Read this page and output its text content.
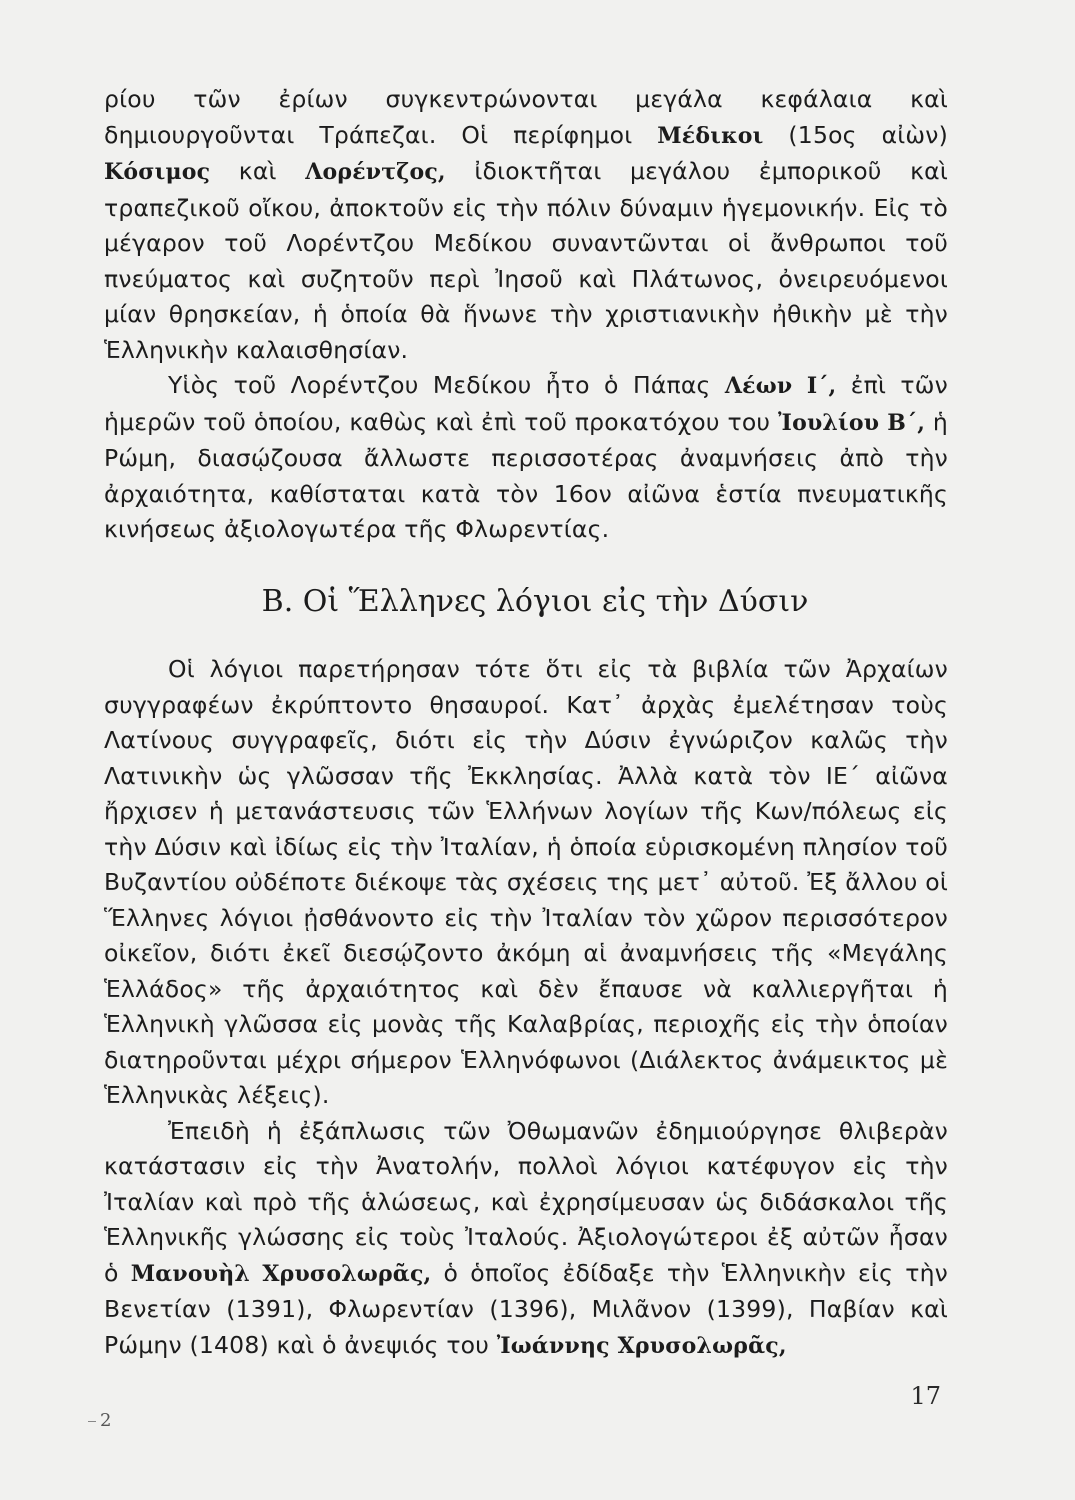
ρίου τῶν ἐρίων συγκεντρώνονται μεγάλα κεφάλαια καὶ δημιουργοῦνται Τράπεζαι. Οἱ περίφημοι Μέδικοι (15ος αἰὼν) Κόσιμος καὶ Λορέντζος, ἰδιοκτῆται μεγάλου ἐμπορικοῦ καὶ τραπεζικοῦ οἴκου, ἀποκτοῦν εἰς τὴν πόλιν δύναμιν ἡγεμονικήν. Εἰς τὸ μέγαρον τοῦ Λορέντζου Μεδίκου συναντῶνται οἱ ἄνθρωποι τοῦ πνεύματος καὶ συζητοῦν περὶ Ἰησοῦ καὶ Πλάτωνος, ὀνειρευόμενοι μίαν θρησκείαν, ἡ ὁποία θὰ ἥνωνε τὴν χριστιανικὴν ἠθικὴν μὲ τὴν Ἑλληνικὴν καλαισθησίαν.

Υἱὸς τοῦ Λορέντζου Μεδίκου ἦτο ὁ Πάπας Λέων Ι΄, ἐπὶ τῶν ἡμερῶν τοῦ ὁποίου, καθὼς καὶ ἐπὶ τοῦ προκατόχου του Ἰουλίου Β΄, ἡ Ρώμη, διασῴζουσα ἄλλωστε περισσοτέρας ἀναμνήσεις ἀπὸ τὴν ἀρχαιότητα, καθίσταται κατὰ τὸν 16ον αἰῶνα ἑστία πνευματικῆς κινήσεως ἀξιολογωτέρα τῆς Φλωρεντίας.

Β. Οἱ Ἕλληνες λόγιοι εἰς τὴν Δύσιν

Οἱ λόγιοι παρετήρησαν τότε ὅτι εἰς τὰ βιβλία τῶν Ἀρχαίων συγγραφέων ἐκρύπτοντο θησαυροί. Κατ᾽ ἀρχὰς ἐμελέτησαν τοὺς Λατίνους συγγραφεῖς, διότι εἰς τὴν Δύσιν ἐγνώριζον καλῶς τὴν Λατινικὴν ὡς γλῶσσαν τῆς Ἐκκλησίας. Ἀλλὰ κατὰ τὸν ΙΕ΄ αἰῶνα ἤρχισεν ἡ μετανάστευσις τῶν Ἑλλήνων λογίων τῆς Κων/πόλεως εἰς τὴν Δύσιν καὶ ἰδίως εἰς τὴν Ἰταλίαν, ἡ ὁποία εὑρισκομένη πλησίον τοῦ Βυζαντίου οὐδέποτε διέκοψε τὰς σχέσεις της μετ᾽ αὐτοῦ. Ἐξ ἄλλου οἱ Ἕλληνες λόγιοι ᾐσθάνοντο εἰς τὴν Ἰταλίαν τὸν χῶρον περισσότερον οἰκεῖον, διότι ἐκεῖ διεσῴζοντο ἀκόμη αἱ ἀναμνήσεις τῆς «Μεγάλης Ἑλλάδος» τῆς ἀρχαιότητος καὶ δὲν ἔπαυσε νὰ καλλιεργῆται ἡ Ἑλληνικὴ γλῶσσα εἰς μονὰς τῆς Καλαβρίας, περιοχῆς εἰς τὴν ὁποίαν διατηροῦνται μέχρι σήμερον Ἑλληνόφωνοι (Διάλεκτος ἀνάμεικτος μὲ Ἑλληνικὰς λέξεις).

Ἐπειδὴ ἡ ἐξάπλωσις τῶν Ὀθωμανῶν ἐδημιούργησε θλιβερὰν κατάστασιν εἰς τὴν Ἀνατολήν, πολλοὶ λόγιοι κατέφυγον εἰς τὴν Ἰταλίαν καὶ πρὸ τῆς ἁλώσεως, καὶ ἐχρησίμευσαν ὡς διδάσκαλοι τῆς Ἑλληνικῆς γλώσσης εἰς τοὺς Ἰταλούς. Ἀξιολογώτεροι ἐξ αὐτῶν ἦσαν ὁ Μανουὴλ Χρυσολωρᾶς, ὁ ὁποῖος ἐδίδαξε τὴν Ἑλληνικὴν εἰς τὴν Βενετίαν (1391), Φλωρεντίαν (1396), Μιλᾶνον (1399), Παβίαν καὶ Ρώμην (1408) καὶ ὁ ἀνεψιός του Ἰωάννης Χρυσολωρᾶς,

17
2
